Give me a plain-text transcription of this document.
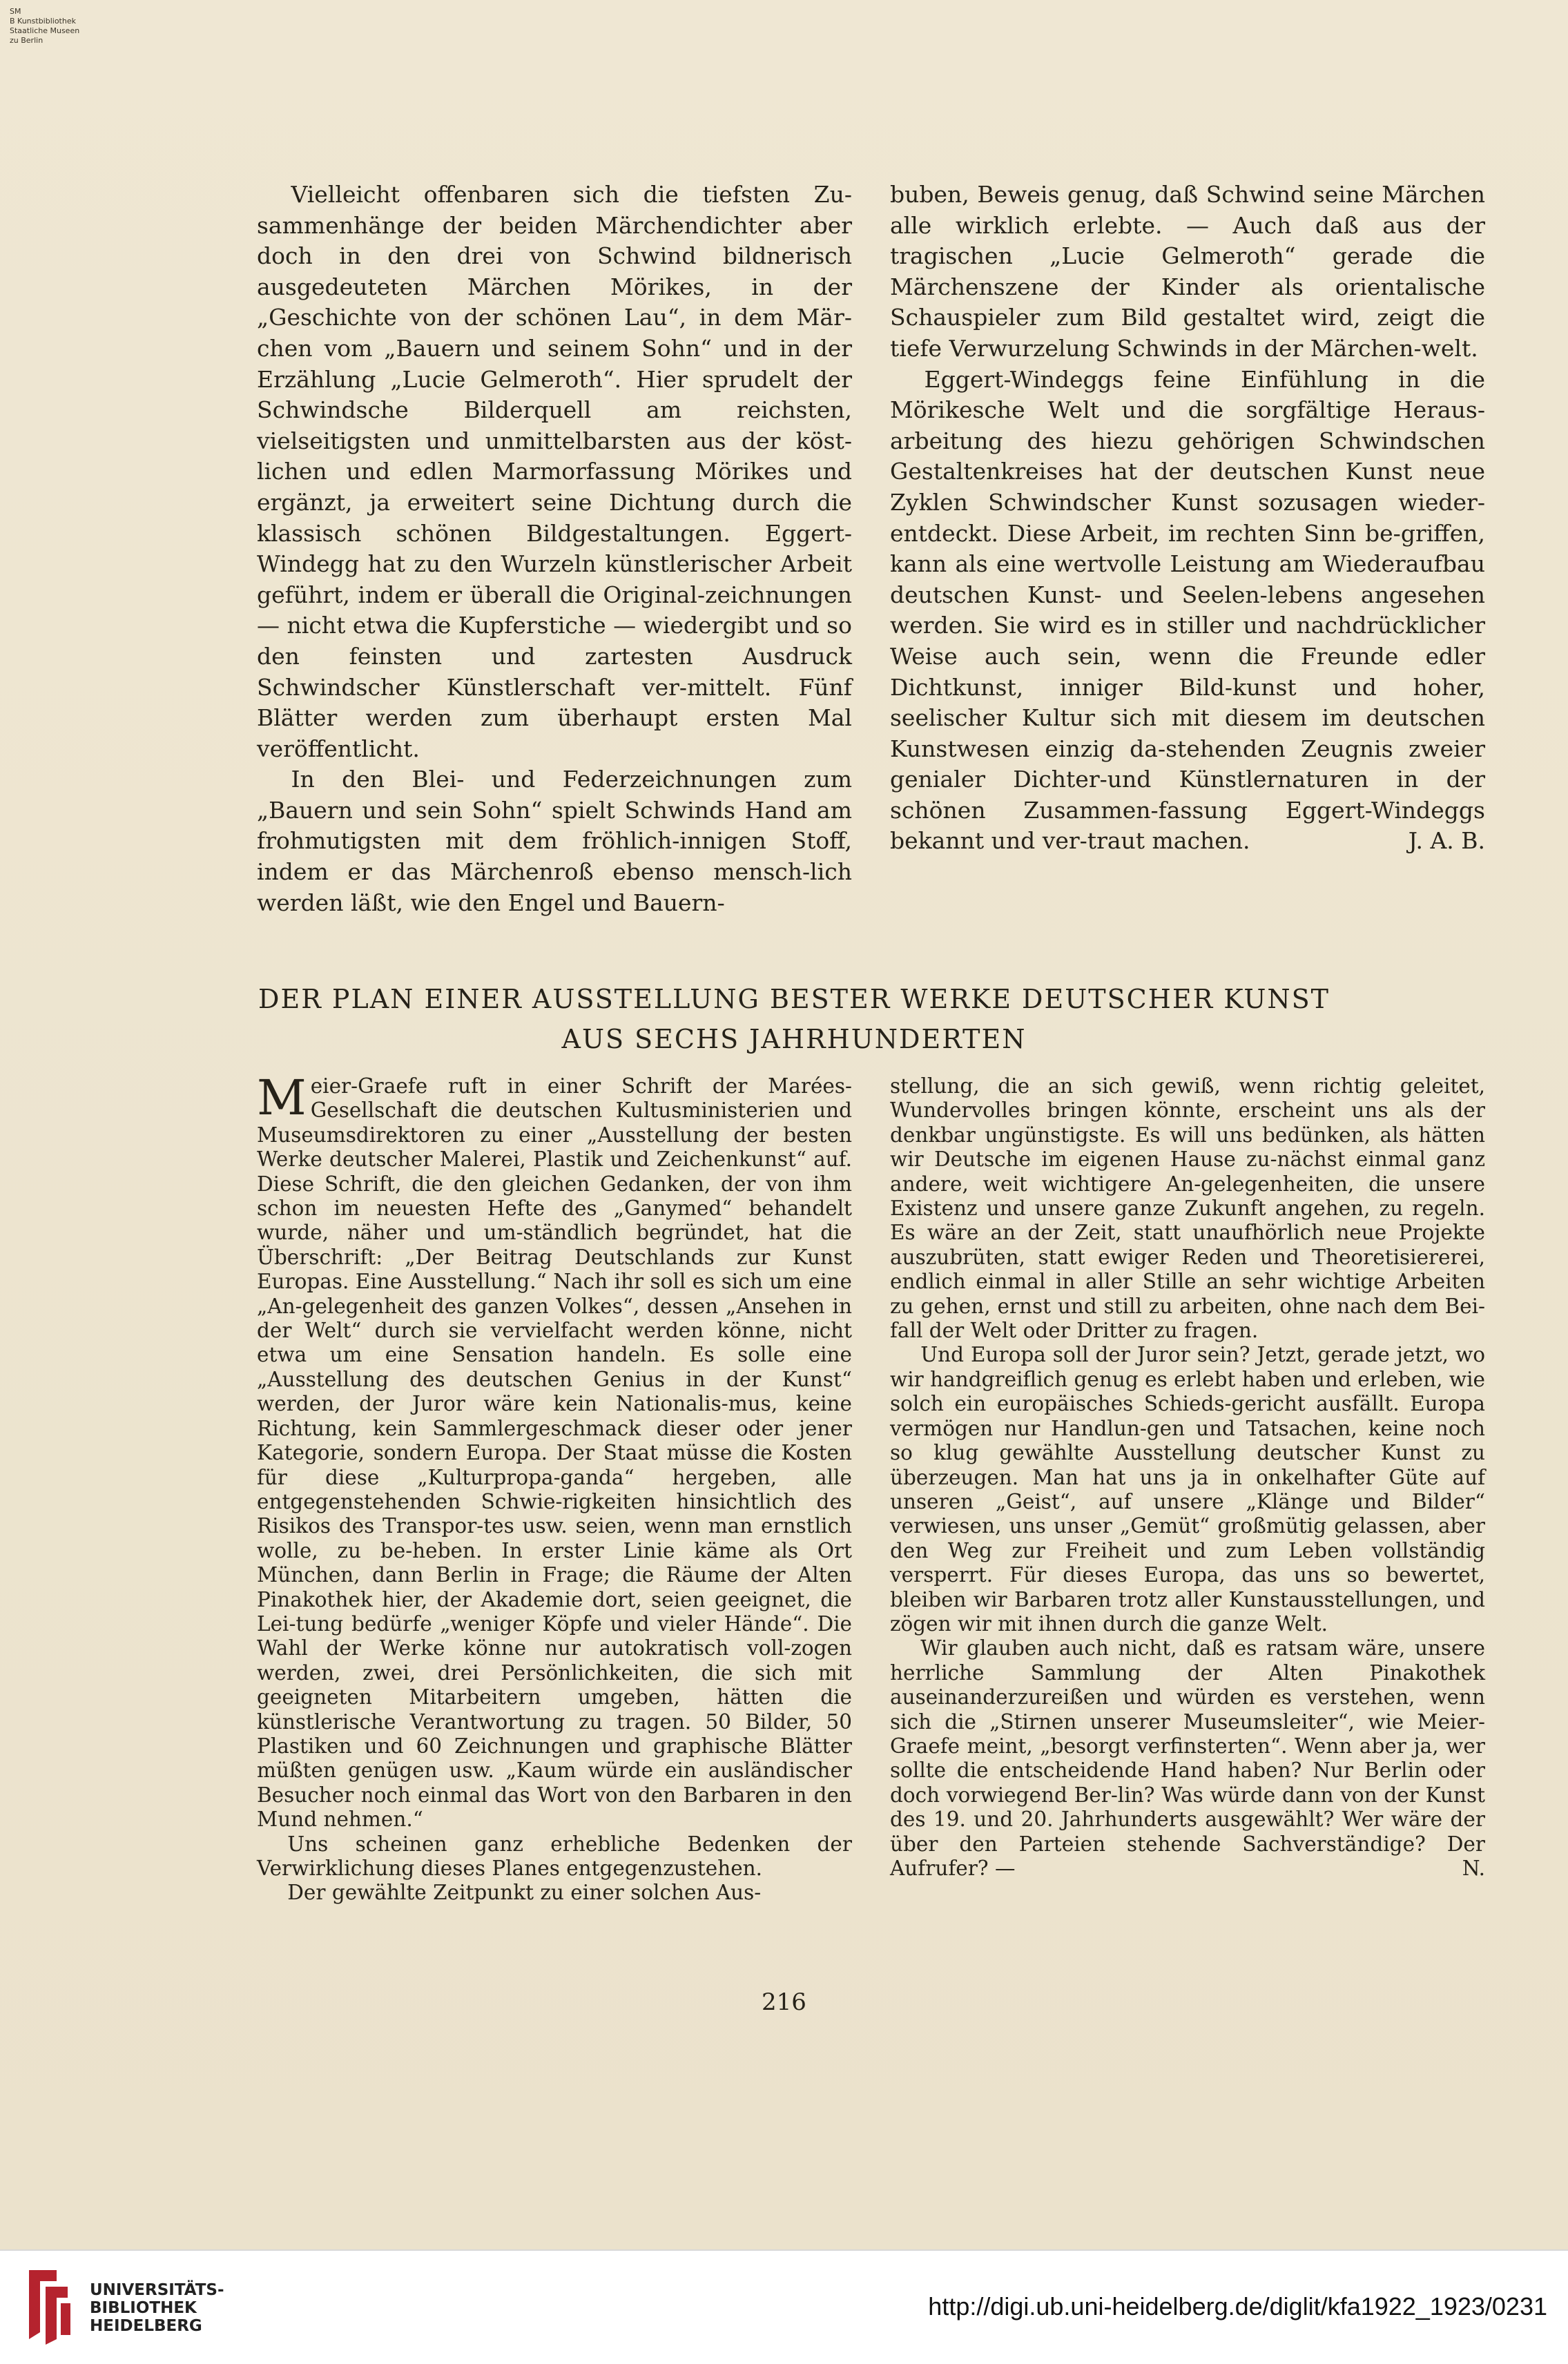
SM
B Kunstbibliothek
Staatliche Museen
zu Berlin

Vielleicht offenbaren sich die tiefsten Zu-sammenhänge der beiden Märchendichter aber doch in den drei von Schwind bildnerisch ausgedeuteten Märchen Mörikes, in der „Geschichte von der schönen Lau“, in dem Mär-chen vom „Bauern und seinem Sohn“ und in der Erzählung „Lucie Gelmeroth“. Hier sprudelt der Schwindsche Bilderquell am reichsten, vielseitigsten und unmittelbarsten aus der köst-lichen und edlen Marmorfassung Mörikes und ergänzt, ja erweitert seine Dichtung durch die klassisch schönen Bildgestaltungen. Eggert-Windegg hat zu den Wurzeln künstlerischer Arbeit geführt, indem er überall die Original-zeichnungen — nicht etwa die Kupferstiche — wiedergibt und so den feinsten und zartesten Ausdruck Schwindscher Künstlerschaft ver-mittelt. Fünf Blätter werden zum überhaupt ersten Mal veröffentlicht.

In den Blei- und Federzeichnungen zum „Bauern und sein Sohn“ spielt Schwinds Hand am frohmutigsten mit dem fröhlich-innigen Stoff, indem er das Märchenroß ebenso mensch-lich werden läßt, wie den Engel und Bauern-

buben, Beweis genug, daß Schwind seine Märchen alle wirklich erlebte. — Auch daß aus der tragischen „Lucie Gelmeroth“ gerade die Märchenszene der Kinder als orientalische Schauspieler zum Bild gestaltet wird, zeigt die tiefe Verwurzelung Schwinds in der Märchen-welt.

Eggert-Windeggs feine Einfühlung in die Mörikesche Welt und die sorgfältige Heraus-arbeitung des hiezu gehörigen Schwindschen Gestaltenkreises hat der deutschen Kunst neue Zyklen Schwindscher Kunst sozusagen wieder-entdeckt. Diese Arbeit, im rechten Sinn be-griffen, kann als eine wertvolle Leistung am Wiederaufbau deutschen Kunst- und Seelen-lebens angesehen werden. Sie wird es in stiller und nachdrücklicher Weise auch sein, wenn die Freunde edler Dichtkunst, inniger Bild-kunst und hoher, seelischer Kultur sich mit diesem im deutschen Kunstwesen einzig da-stehenden Zeugnis zweier genialer Dichter-und Künstlernaturen in der schönen Zusammen-fassung Eggert-Windeggs bekannt und ver-traut machen.	J. A. B.

DER PLAN EINER AUSSTELLUNG BESTER WERKE DEUTSCHER KUNST
AUS SECHS JAHRHUNDERTEN

Meier-Graefe ruft in einer Schrift der Marées-Gesellschaft die deutschen Kultusministerien und Museumsdirektoren zu einer „Ausstellung der besten Werke deutscher Malerei, Plastik und Zeichenkunst“ auf. Diese Schrift, die den gleichen Gedanken, der von ihm schon im neuesten Hefte des „Ganymed“ behandelt wurde, näher und um-ständlich begründet, hat die Überschrift: „Der Beitrag Deutschlands zur Kunst Europas. Eine Ausstellung.“ Nach ihr soll es sich um eine „An-gelegenheit des ganzen Volkes“, dessen „Ansehen in der Welt“ durch sie vervielfacht werden könne, nicht etwa um eine Sensation handeln. Es solle eine „Ausstellung des deutschen Genius in der Kunst“ werden, der Juror wäre kein Nationalis-mus, keine Richtung, kein Sammlergeschmack dieser oder jener Kategorie, sondern Europa. Der Staat müsse die Kosten für diese „Kulturpropa-ganda“ hergeben, alle entgegenstehenden Schwie-rigkeiten hinsichtlich des Risikos des Transpor-tes usw. seien, wenn man ernstlich wolle, zu be-heben. In erster Linie käme als Ort München, dann Berlin in Frage; die Räume der Alten Pinakothek hier, der Akademie dort, seien geeignet, die Lei-tung bedürfe „weniger Köpfe und vieler Hände“. Die Wahl der Werke könne nur autokratisch voll-zogen werden, zwei, drei Persönlichkeiten, die sich mit geeigneten Mitarbeitern umgeben, hätten die künstlerische Verantwortung zu tragen. 50 Bilder, 50 Plastiken und 60 Zeichnungen und graphische Blätter müßten genügen usw. „Kaum würde ein ausländischer Besucher noch einmal das Wort von den Barbaren in den Mund nehmen.“

Uns scheinen ganz erhebliche Bedenken der Verwirklichung dieses Planes entgegenzustehen.

Der gewählte Zeitpunkt zu einer solchen Aus-

stellung, die an sich gewiß, wenn richtig geleitet, Wundervolles bringen könnte, erscheint uns als der denkbar ungünstigste. Es will uns bedünken, als hätten wir Deutsche im eigenen Hause zu-nächst einmal ganz andere, weit wichtigere An-gelegenheiten, die unsere Existenz und unsere ganze Zukunft angehen, zu regeln. Es wäre an der Zeit, statt unaufhörlich neue Projekte auszubrüten, statt ewiger Reden und Theoretisiererei, endlich einmal in aller Stille an sehr wichtige Arbeiten zu gehen, ernst und still zu arbeiten, ohne nach dem Bei-fall der Welt oder Dritter zu fragen.

Und Europa soll der Juror sein? Jetzt, gerade jetzt, wo wir handgreiflich genug es erlebt haben und erleben, wie solch ein europäisches Schieds-gericht ausfällt. Europa vermögen nur Handlun-gen und Tatsachen, keine noch so klug gewählte Ausstellung deutscher Kunst zu überzeugen. Man hat uns ja in onkelhafter Güte auf unseren „Geist“, auf unsere „Klänge und Bilder“ verwiesen, uns unser „Gemüt“ großmütig gelassen, aber den Weg zur Freiheit und zum Leben vollständig versperrt. Für dieses Europa, das uns so bewertet, bleiben wir Barbaren trotz aller Kunstausstellungen, und zögen wir mit ihnen durch die ganze Welt.

Wir glauben auch nicht, daß es ratsam wäre, unsere herrliche Sammlung der Alten Pinakothek auseinanderzureißen und würden es verstehen, wenn sich die „Stirnen unserer Museumsleiter“, wie Meier-Graefe meint, „besorgt verfinsterten“. Wenn aber ja, wer sollte die entscheidende Hand haben? Nur Berlin oder doch vorwiegend Ber-lin? Was würde dann von der Kunst des 19. und 20. Jahrhunderts ausgewählt? Wer wäre der über den Parteien stehende Sachverständige? Der Aufrufer? —	N.

216
UNIVERSITÄTS-
BIBLIOTHEK
HEIDELBERG
http://digi.ub.uni-heidelberg.de/diglit/kfa1922_1923/0231
